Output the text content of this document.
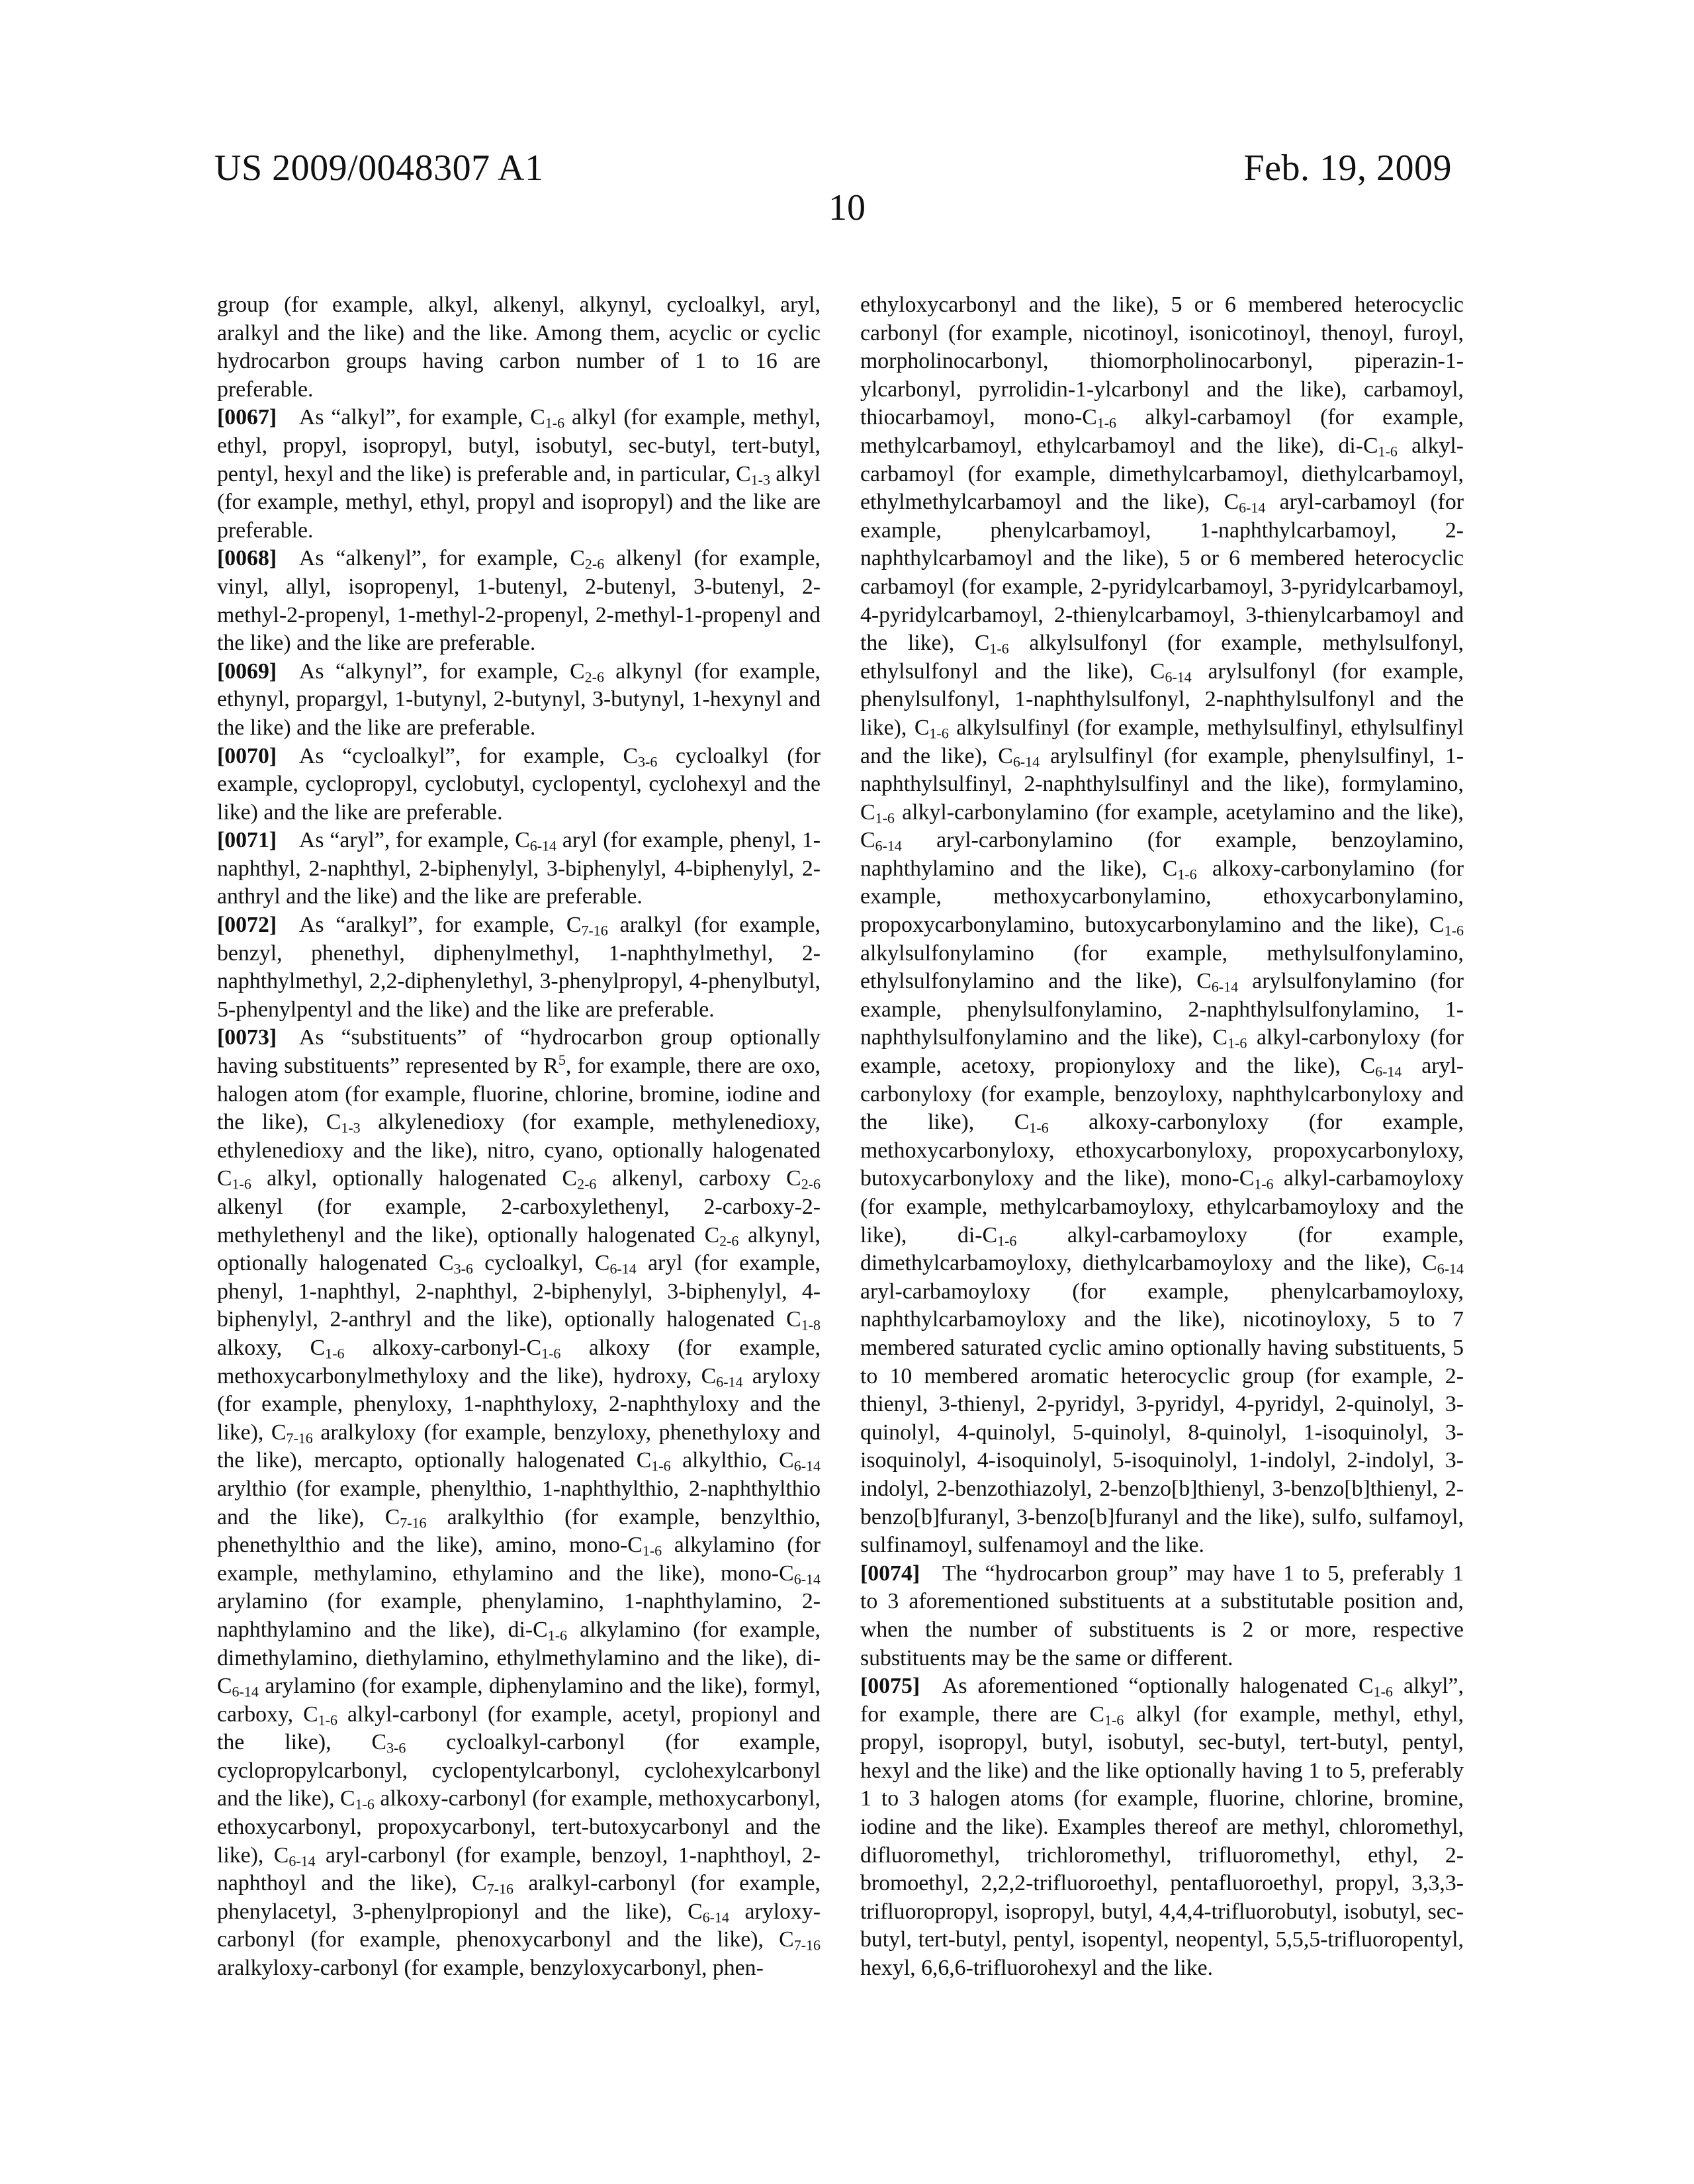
US 2009/0048307 A1	Feb. 19, 2009
10

group (for example, alkyl, alkenyl, alkynyl, cycloalkyl, aryl, aralkyl and the like) and the like. Among them, acyclic or cyclic hydrocarbon groups having carbon number of 1 to 16 are preferable.

[0067]  As “alkyl”, for example, C1-6 alkyl (for example, methyl, ethyl, propyl, isopropyl, butyl, isobutyl, sec-butyl, tert-butyl, pentyl, hexyl and the like) is preferable and, in particular, C1-3 alkyl (for example, methyl, ethyl, propyl and isopropyl) and the like are preferable.

[0068]  As “alkenyl”, for example, C2-6 alkenyl (for example, vinyl, allyl, isopropenyl, 1-butenyl, 2-butenyl, 3-butenyl, 2-methyl-2-propenyl, 1-methyl-2-propenyl, 2-methyl-1-propenyl and the like) and the like are preferable.

[0069]  As “alkynyl”, for example, C2-6 alkynyl (for example, ethynyl, propargyl, 1-butynyl, 2-butynyl, 3-butynyl, 1-hexynyl and the like) and the like are preferable.

[0070]  As “cycloalkyl”, for example, C3-6 cycloalkyl (for example, cyclopropyl, cyclobutyl, cyclopentyl, cyclohexyl and the like) and the like are preferable.

[0071]  As “aryl”, for example, C6-14 aryl (for example, phenyl, 1-naphthyl, 2-naphthyl, 2-biphenylyl, 3-biphenylyl, 4-biphenylyl, 2-anthryl and the like) and the like are preferable.

[0072]  As “aralkyl”, for example, C7-16 aralkyl (for example, benzyl, phenethyl, diphenylmethyl, 1-naphthylmethyl, 2-naphthylmethyl, 2,2-diphenylethyl, 3-phenylpropyl, 4-phenylbutyl, 5-phenylpentyl and the like) and the like are preferable.

[0073]  As “substituents” of “hydrocarbon group optionally having substituents” represented by R5, for example, there are oxo, halogen atom (for example, fluorine, chlorine, bromine, iodine and the like), C1-3 alkylenedioxy (for example, methylenedioxy, ethylenedioxy and the like), nitro, cyano, optionally halogenated C1-6 alkyl, optionally halogenated C2-6 alkenyl, carboxy C2-6 alkenyl (for example, 2-carboxylethenyl, 2-carboxy-2-methylethenyl and the like), optionally halogenated C2-6 alkynyl, optionally halogenated C3-6 cycloalkyl, C6-14 aryl (for example, phenyl, 1-naphthyl, 2-naphthyl, 2-biphenylyl, 3-biphenylyl, 4-biphenylyl, 2-anthryl and the like), optionally halogenated C1-8 alkoxy, C1-6 alkoxy-carbonyl-C1-6 alkoxy (for example, methoxycarbonylmethyloxy and the like), hydroxy, C6-14 aryloxy (for example, phenyloxy, 1-naphthyloxy, 2-naphthyloxy and the like), C7-16 aralkyloxy (for example, benzyloxy, phenethyloxy and the like), mercapto, optionally halogenated C1-6 alkylthio, C6-14 arylthio (for example, phenylthio, 1-naphthylthio, 2-naphthylthio and the like), C7-16 aralkylthio (for example, benzylthio, phenethylthio and the like), amino, mono-C1-6 alkylamino (for example, methylamino, ethylamino and the like), mono-C6-14 arylamino (for example, phenylamino, 1-naphthylamino, 2-naphthylamino and the like), di-C1-6 alkylamino (for example, dimethylamino, diethylamino, ethylmethylamino and the like), di-C6-14 arylamino (for example, diphenylamino and the like), formyl, carboxy, C1-6 alkyl-carbonyl (for example, acetyl, propionyl and the like), C3-6 cycloalkyl-carbonyl (for example, cyclopropylcarbonyl, cyclopentylcarbonyl, cyclohexylcarbonyl and the like), C1-6 alkoxy-carbonyl (for example, methoxycarbonyl, ethoxycarbonyl, propoxycarbonyl, tert-butoxycarbonyl and the like), C6-14 aryl-carbonyl (for example, benzoyl, 1-naphthoyl, 2-naphthoyl and the like), C7-16 aralkyl-carbonyl (for example, phenylacetyl, 3-phenylpropionyl and the like), C6-14 aryloxy-carbonyl (for example, phenoxycarbonyl and the like), C7-16 aralkyloxy-carbonyl (for example, benzyloxycarbonyl, phen-

ethyloxycarbonyl and the like), 5 or 6 membered heterocyclic carbonyl (for example, nicotinoyl, isonicotinoyl, thenoyl, furoyl, morpholinocarbonyl, thiomorpholinocarbonyl, piperazin-1-ylcarbonyl, pyrrolidin-1-ylcarbonyl and the like), carbamoyl, thiocarbamoyl, mono-C1-6 alkyl-carbamoyl (for example, methylcarbamoyl, ethylcarbamoyl and the like), di-C1-6 alkyl-carbamoyl (for example, dimethylcarbamoyl, diethylcarbamoyl, ethylmethylcarbamoyl and the like), C6-14 aryl-carbamoyl (for example, phenylcarbamoyl, 1-naphthylcarbamoyl, 2-naphthylcarbamoyl and the like), 5 or 6 membered heterocyclic carbamoyl (for example, 2-pyridylcarbamoyl, 3-pyridylcarbamoyl, 4-pyridylcarbamoyl, 2-thienylcarbamoyl, 3-thienylcarbamoyl and the like), C1-6 alkylsulfonyl (for example, methylsulfonyl, ethylsulfonyl and the like), C6-14 arylsulfonyl (for example, phenylsulfonyl, 1-naphthylsulfonyl, 2-naphthylsulfonyl and the like), C1-6 alkylsulfinyl (for example, methylsulfinyl, ethylsulfinyl and the like), C6-14 arylsulfinyl (for example, phenylsulfinyl, 1-naphthylsulfinyl, 2-naphthylsulfinyl and the like), formylamino, C1-6 alkyl-carbonylamino (for example, acetylamino and the like), C6-14 aryl-carbonylamino (for example, benzoylamino, naphthylamino and the like), C1-6 alkoxy-carbonylamino (for example, methoxycarbonylamino, ethoxycarbonylamino, propoxycarbonylamino, butoxycarbonylamino and the like), C1-6 alkylsulfonylamino (for example, methylsulfonylamino, ethylsulfonylamino and the like), C6-14 arylsulfonylamino (for example, phenylsulfonylamino, 2-naphthylsulfonylamino, 1-naphthylsulfonylamino and the like), C1-6 alkyl-carbonyloxy (for example, acetoxy, propionyloxy and the like), C6-14 aryl-carbonyloxy (for example, benzoyloxy, naphthylcarbonyloxy and the like), C1-6 alkoxy-carbonyloxy (for example, methoxycarbonyloxy, ethoxycarbonyloxy, propoxycarbonyloxy, butoxycarbonyloxy and the like), mono-C1-6 alkyl-carbamoyloxy (for example, methylcarbamoyloxy, ethylcarbamoyloxy and the like), di-C1-6 alkyl-carbamoyloxy (for example, dimethylcarbamoyloxy, diethylcarbamoyloxy and the like), C6-14 aryl-carbamoyloxy (for example, phenylcarbamoyloxy, naphthylcarbamoyloxy and the like), nicotinoyloxy, 5 to 7 membered saturated cyclic amino optionally having substituents, 5 to 10 membered aromatic heterocyclic group (for example, 2-thienyl, 3-thienyl, 2-pyridyl, 3-pyridyl, 4-pyridyl, 2-quinolyl, 3-quinolyl, 4-quinolyl, 5-quinolyl, 8-quinolyl, 1-isoquinolyl, 3-isoquinolyl, 4-isoquinolyl, 5-isoquinolyl, 1-indolyl, 2-indolyl, 3-indolyl, 2-benzothiazolyl, 2-benzo[b]thienyl, 3-benzo[b]thienyl, 2-benzo[b]furanyl, 3-benzo[b]furanyl and the like), sulfo, sulfamoyl, sulfinamoyl, sulfenamoyl and the like.

[0074]  The “hydrocarbon group” may have 1 to 5, preferably 1 to 3 aforementioned substituents at a substitutable position and, when the number of substituents is 2 or more, respective substituents may be the same or different.

[0075]  As aforementioned “optionally halogenated C1-6 alkyl”, for example, there are C1-6 alkyl (for example, methyl, ethyl, propyl, isopropyl, butyl, isobutyl, sec-butyl, tert-butyl, pentyl, hexyl and the like) and the like optionally having 1 to 5, preferably 1 to 3 halogen atoms (for example, fluorine, chlorine, bromine, iodine and the like). Examples thereof are methyl, chloromethyl, difluoromethyl, trichloromethyl, trifluoromethyl, ethyl, 2-bromoethyl, 2,2,2-trifluoroethyl, pentafluoroethyl, propyl, 3,3,3-trifluoropropyl, isopropyl, butyl, 4,4,4-trifluorobutyl, isobutyl, sec-butyl, tert-butyl, pentyl, isopentyl, neopentyl, 5,5,5-trifluoropentyl, hexyl, 6,6,6-trifluorohexyl and the like.
